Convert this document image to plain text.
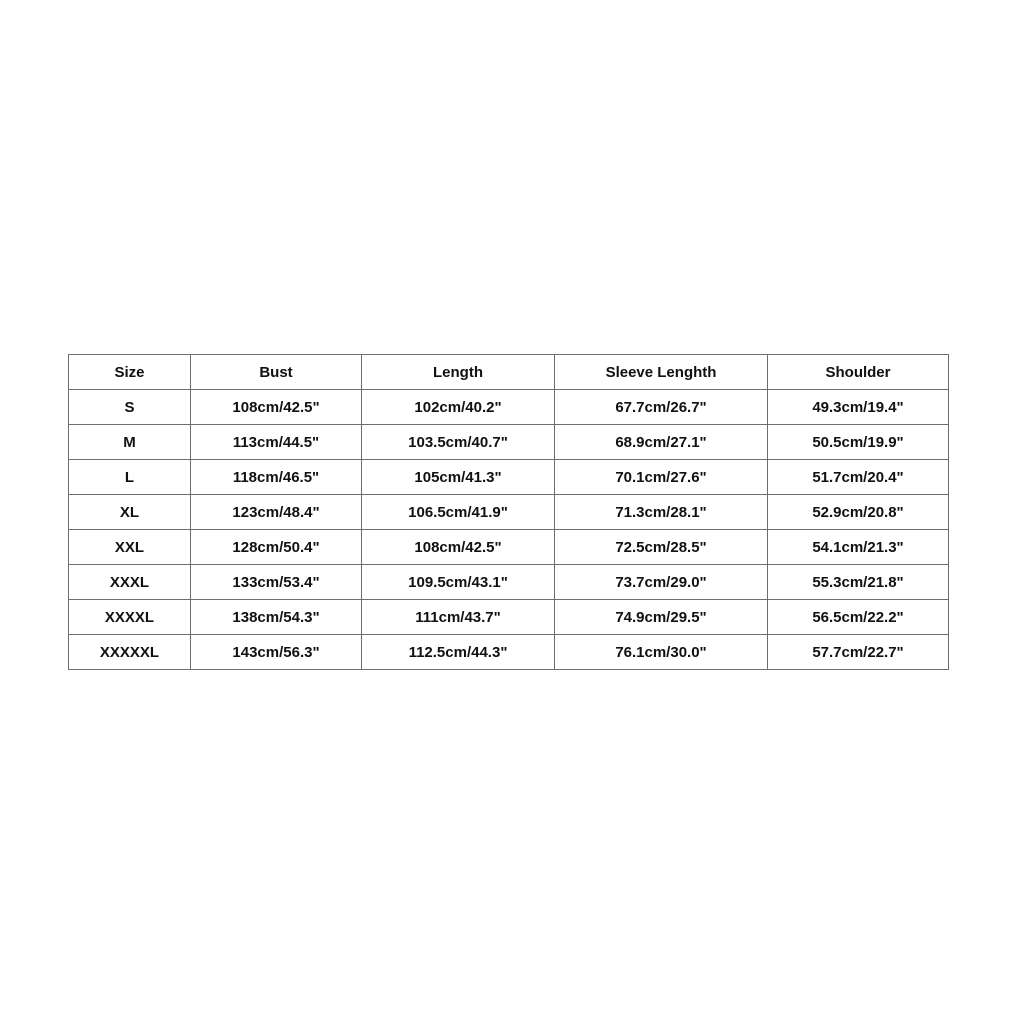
Size	Bust	Length	Sleeve Lenghth	Shoulder
S	108cm/42.5"	102cm/40.2"	67.7cm/26.7"	49.3cm/19.4"
M	113cm/44.5"	103.5cm/40.7"	68.9cm/27.1"	50.5cm/19.9"
L	118cm/46.5"	105cm/41.3"	70.1cm/27.6"	51.7cm/20.4"
XL	123cm/48.4"	106.5cm/41.9"	71.3cm/28.1"	52.9cm/20.8"
XXL	128cm/50.4"	108cm/42.5"	72.5cm/28.5"	54.1cm/21.3"
XXXL	133cm/53.4"	109.5cm/43.1"	73.7cm/29.0"	55.3cm/21.8"
XXXXL	138cm/54.3"	111cm/43.7"	74.9cm/29.5"	56.5cm/22.2"
XXXXXL	143cm/56.3"	112.5cm/44.3"	76.1cm/30.0"	57.7cm/22.7"
